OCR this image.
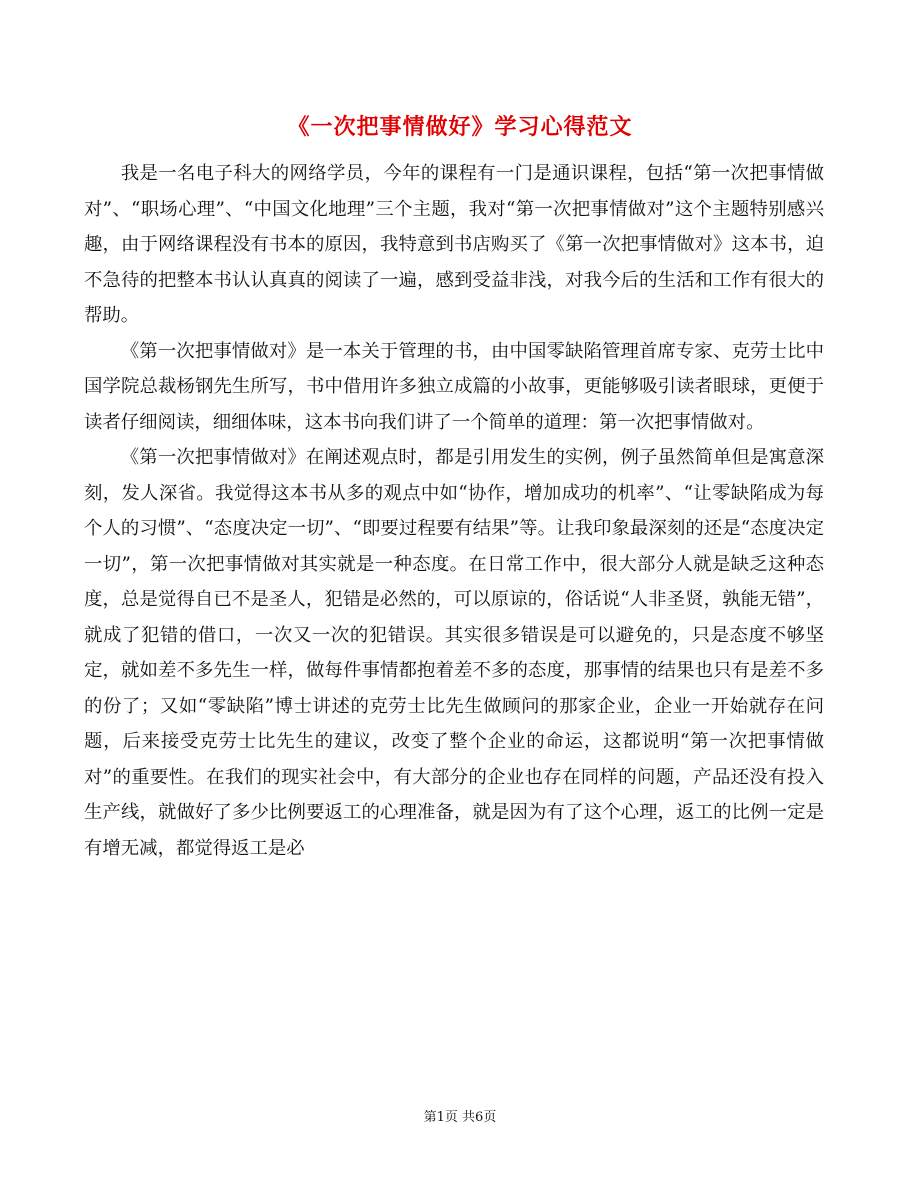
《一次把事情做好》学习心得范文

我是一名电子科大的网络学员，今年的课程有一门是通识课程，包括“第一次把事情做对”、“职场心理”、“中国文化地理”三个主题，我对“第一次把事情做对”这个主题特别感兴趣，由于网络课程没有书本的原因，我特意到书店购买了《第一次把事情做对》这本书，迫不急待的把整本书认认真真的阅读了一遍，感到受益非浅，对我今后的生活和工作有很大的帮助。

《第一次把事情做对》是一本关于管理的书，由中国零缺陷管理首席专家、克劳士比中国学院总裁杨钢先生所写，书中借用许多独立成篇的小故事，更能够吸引读者眼球，更便于读者仔细阅读，细细体味，这本书向我们讲了一个简单的道理：第一次把事情做对。

《第一次把事情做对》在阐述观点时，都是引用发生的实例，例子虽然简单但是寓意深刻，发人深省。我觉得这本书从多的观点中如“协作，增加成功的机率”、“让零缺陷成为每个人的习惯”、“态度决定一切”、“即要过程要有结果”等。让我印象最深刻的还是“态度决定一切”，第一次把事情做对其实就是一种态度。在日常工作中，很大部分人就是缺乏这种态度，总是觉得自已不是圣人，犯错是必然的，可以原谅的，俗话说“人非圣贤，孰能无错”，就成了犯错的借口，一次又一次的犯错误。其实很多错误是可以避免的，只是态度不够坚定，就如差不多先生一样，做每件事情都抱着差不多的态度，那事情的结果也只有是差不多的份了；又如“零缺陷”博士讲述的克劳士比先生做顾问的那家企业，企业一开始就存在问题，后来接受克劳士比先生的建议，改变了整个企业的命运，这都说明“第一次把事情做对”的重要性。在我们的现实社会中，有大部分的企业也存在同样的问题，产品还没有投入生产线，就做好了多少比例要返工的心理准备，就是因为有了这个心理，返工的比例一定是有增无减，都觉得返工是必

第1页 共6页
